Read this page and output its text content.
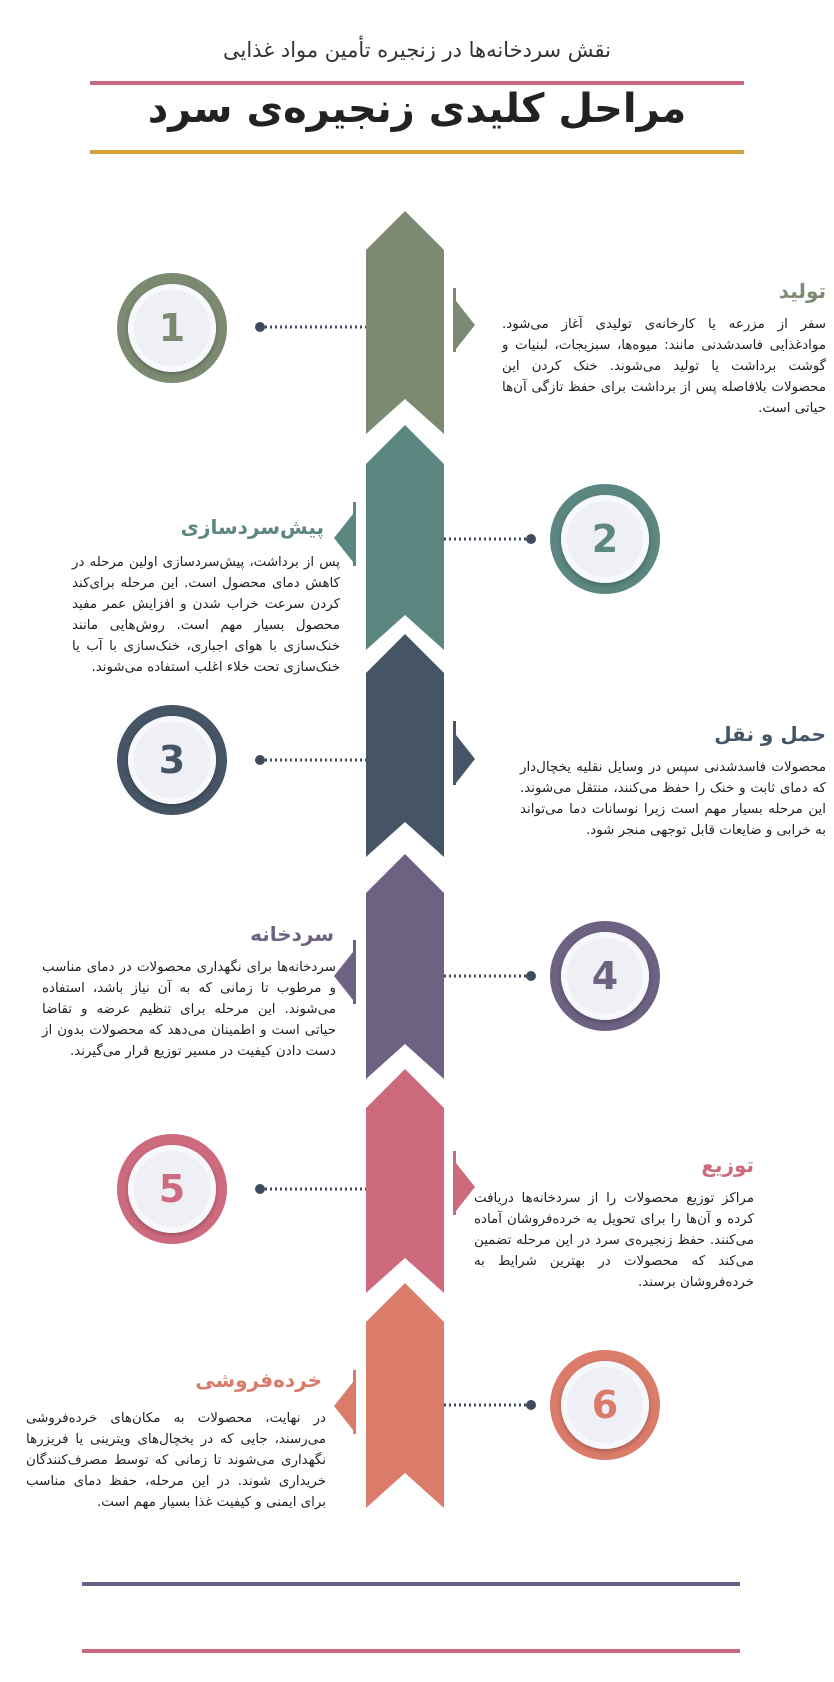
نقش سردخانه‌ها در زنجیره تأمین مواد غذایی
مراحل کلیدی زنجیره‌ی سرد
1
تولید
سفر از مزرعه یا کارخانه‌ی تولیدی آغاز می‌شود. موادغذایی فاسدشدنی مانند: میوه‌ها، سبزیجات، لبنیات و گوشت برداشت یا تولید می‌شوند. خنک کردن این محصولات بلافاصله پس از برداشت برای حفظ تازگی آن‌ها حیاتی است.
2
پیش‌سردسازی
پس از برداشت، پیش‌سردسازی اولین مرحله در کاهش دمای محصول است. این مرحله برای‌کند کردن سرعت خراب شدن و افزایش عمر مفید محصول بسیار مهم است. روش‌هایی مانند خنک‌سازی با هوای اجباری، خنک‌سازی با آب یا خنک‌سازی تحت خلاء اغلب استفاده می‌شوند.
3
حمل و نقل
محصولات فاسدشدنی سپس در وسایل نقلیه یخچال‌دار که دمای ثابت و خنک را حفظ می‌کنند، منتقل می‌شوند. این مرحله بسیار مهم است زیرا نوسانات دما می‌تواند به خرابی و ضایعات قابل توجهی منجر شود.
4
سردخانه
سردخانه‌ها برای نگهداری محصولات در دمای مناسب و مرطوب تا زمانی که به آن نیاز باشد، استفاده می‌شوند. این مرحله برای تنظیم عرضه و تقاضا حیاتی است و اطمینان می‌دهد که محصولات بدون از دست دادن کیفیت در مسیر توزیع قرار می‌گیرند.
5
توزیع
مراکز توزیع محصولات را از سردخانه‌ها دریافت کرده و آن‌ها را برای تحویل به خرده‌فروشان آماده می‌کنند. حفظ زنجیره‌ی سرد در این مرحله تضمین می‌کند که محصولات در بهترین شرایط به خرده‌فروشان برسند.
6
خرده‌فروشی
در نهایت، محصولات به مکان‌های خرده‌فروشی می‌رسند، جایی که در یخچال‌های ویترینی یا فریزرها نگهداری می‌شوند تا زمانی که توسط مصرف‌کنندگان خریداری شوند. در این مرحله، حفظ دمای مناسب برای ایمنی و کیفیت غذا بسیار مهم است.
